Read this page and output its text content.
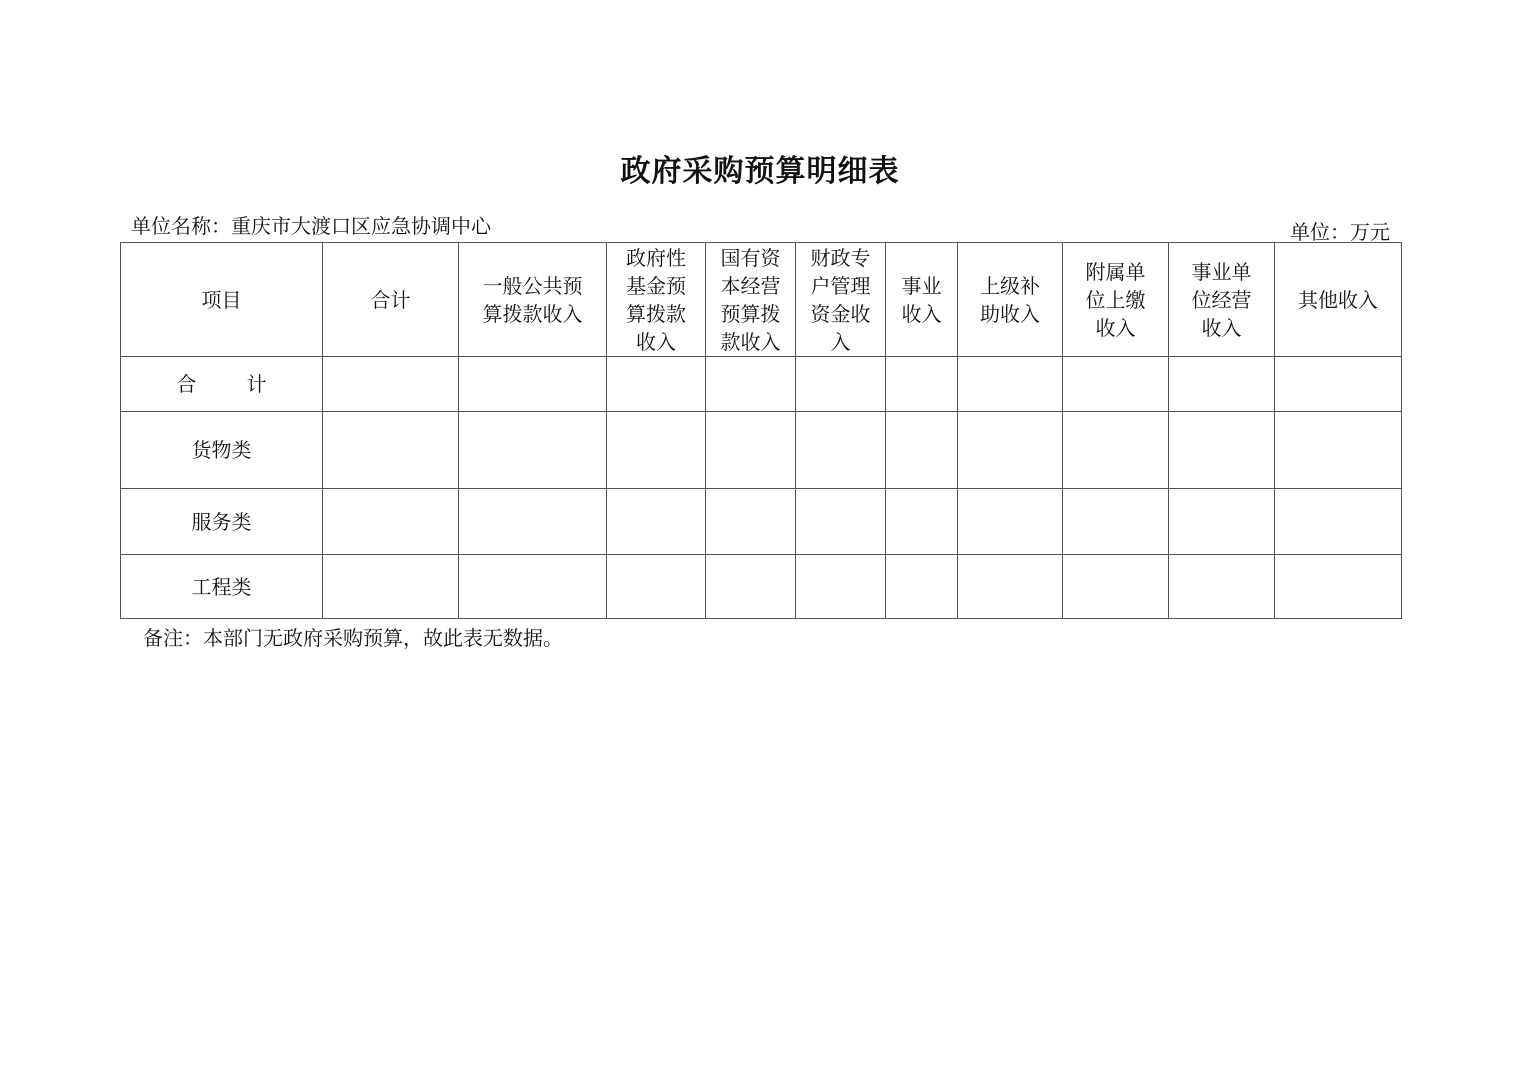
政府采购预算明细表
单位名称：重庆市大渡口区应急协调中心	单位：万元
项目	合计	一般公共预算拨款收入	政府性基金预算拨款收入	国有资本经营预算拨款收入	财政专户管理资金收入	事业收入	上级补助收入	附属单位上缴收入	事业单位经营收入	其他收入
合 计										
货物类										
服务类										
工程类										
备注：本部门无政府采购预算，故此表无数据。
